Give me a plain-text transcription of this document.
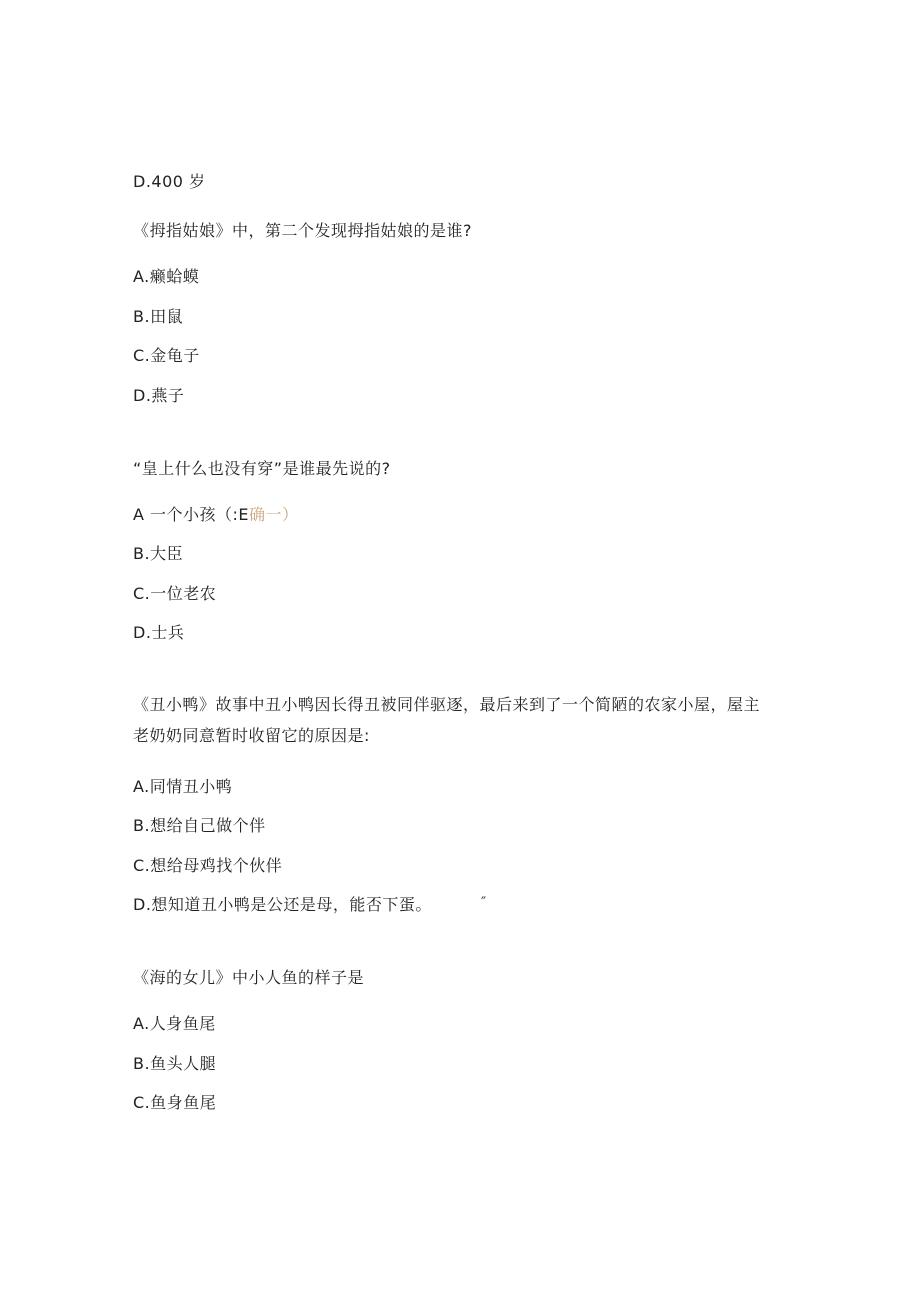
D.400 岁
《拇指姑娘》中，第二个发现拇指姑娘的是谁?
A.癞蛤蟆
B.田鼠
C.金龟子
D.燕子
“皇上什么也没有穿”是谁最先说的?
A 一个小孩（:E确一）
B.大臣
C.一位老农
D.士兵
《丑小鸭》故事中丑小鸭因长得丑被同伴驱逐，最后来到了一个简陋的农家小屋，屋主
老奶奶同意暂时收留它的原因是:
A.同情丑小鸭
B.想给自己做个伴
C.想给母鸡找个伙伴
D.想知道丑小鸭是公还是母，能否下蛋。	″
《海的女儿》中小人鱼的样子是
A.人身鱼尾
B.鱼头人腿
C.鱼身鱼尾
